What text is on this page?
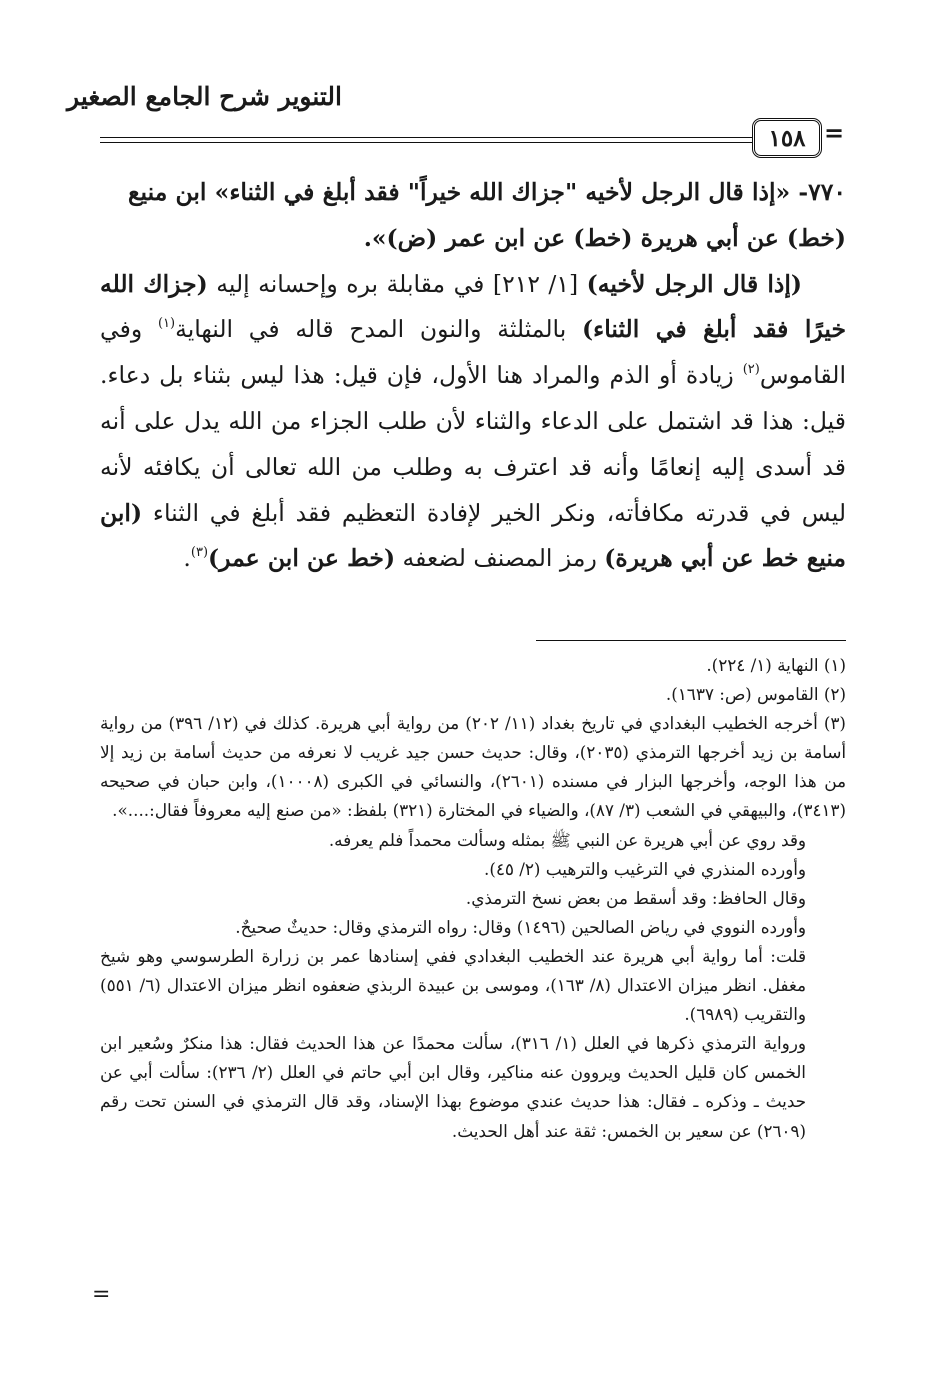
التنوير شرح الجامع الصغير
١٥٨ =

٧٧٠- «إذا قال الرجل لأخيه "جزاك الله خيراً" فقد أبلغ في الثناء» ابن منيع

(خط) عن أبي هريرة (خط) عن ابن عمر (ض)».

(إذا قال الرجل لأخيه) [١/ ٢١٢] في مقابلة بره وإحسانه إليه (جزاك الله خيرًا فقد أبلغ في الثناء) بالمثلثة والنون المدح قاله في النهاية$^{(١)}$ وفي القاموس$^{(٢)}$ زيادة أو الذم والمراد هنا الأول، فإن قيل: هذا ليس بثناء بل دعاء. قيل: هذا قد اشتمل على الدعاء والثناء لأن طلب الجزاء من الله يدل على أنه قد أسدى إليه إنعامًا وأنه قد اعترف به وطلب من الله تعالى أن يكافئه لأنه ليس في قدرته مكافأته، ونكر الخير لإفادة التعظيم فقد أبلغ في الثناء (ابن منيع خط عن أبي هريرة) رمز المصنف لضعفه (خط عن ابن عمر)$^{(٣)}$.

(١) النهاية (١/ ٢٢٤).

(٢) القاموس (ص: ١٦٣٧).

(٣) أخرجه الخطيب البغدادي في تاريخ بغداد (١١/ ٢٠٢) من رواية أبي هريرة. كذلك في (١٢/ ٣٩٦) من رواية أسامة بن زيد أخرجها الترمذي (٢٠٣٥)، وقال: حديث حسن جيد غريب لا نعرفه من حديث أسامة بن زيد إلا من هذا الوجه، وأخرجها البزار في مسنده (٢٦٠١)، والنسائي في الكبرى (١٠٠٠٨)، وابن حبان في صحيحه (٣٤١٣)، والبيهقي في الشعب (٣/ ٨٧)، والضياء في المختارة (٣٢١) بلفظ: «من صنع إليه معروفاً فقال:....».

وقد روي عن أبي هريرة عن النبي ﷺ بمثله وسألت محمداً فلم يعرفه.

وأورده المنذري في الترغيب والترهيب (٢/ ٤٥).

وقال الحافظ: وقد أسقط من بعض نسخ الترمذي.

وأورده النووي في رياض الصالحين (١٤٩٦) وقال: رواه الترمذي وقال: حديثٌ صحيحٌ.

قلت: أما رواية أبي هريرة عند الخطيب البغدادي ففي إسنادها عمر بن زرارة الطرسوسي وهو شيخ مغفل. انظر ميزان الاعتدال (٨/ ١٦٣)، وموسى بن عبيدة الربذي ضعفوه انظر ميزان الاعتدال (٦/ ٥٥١) والتقريب (٦٩٨٩).

ورواية الترمذي ذكرها في العلل (١/ ٣١٦)، سألت محمدًا عن هذا الحديث فقال: هذا منكرٌ وسُعير ابن الخمس كان قليل الحديث ويروون عنه مناكير، وقال ابن أبي حاتم في العلل (٢/ ٢٣٦): سألت أبي عن حديث ـ وذكره ـ فقال: هذا حديث عندي موضوع بهذا الإسناد، وقد قال الترمذي في السنن تحت رقم (٢٦٠٩) عن سعير بن الخمس: ثقة عند أهل الحديث.

=
